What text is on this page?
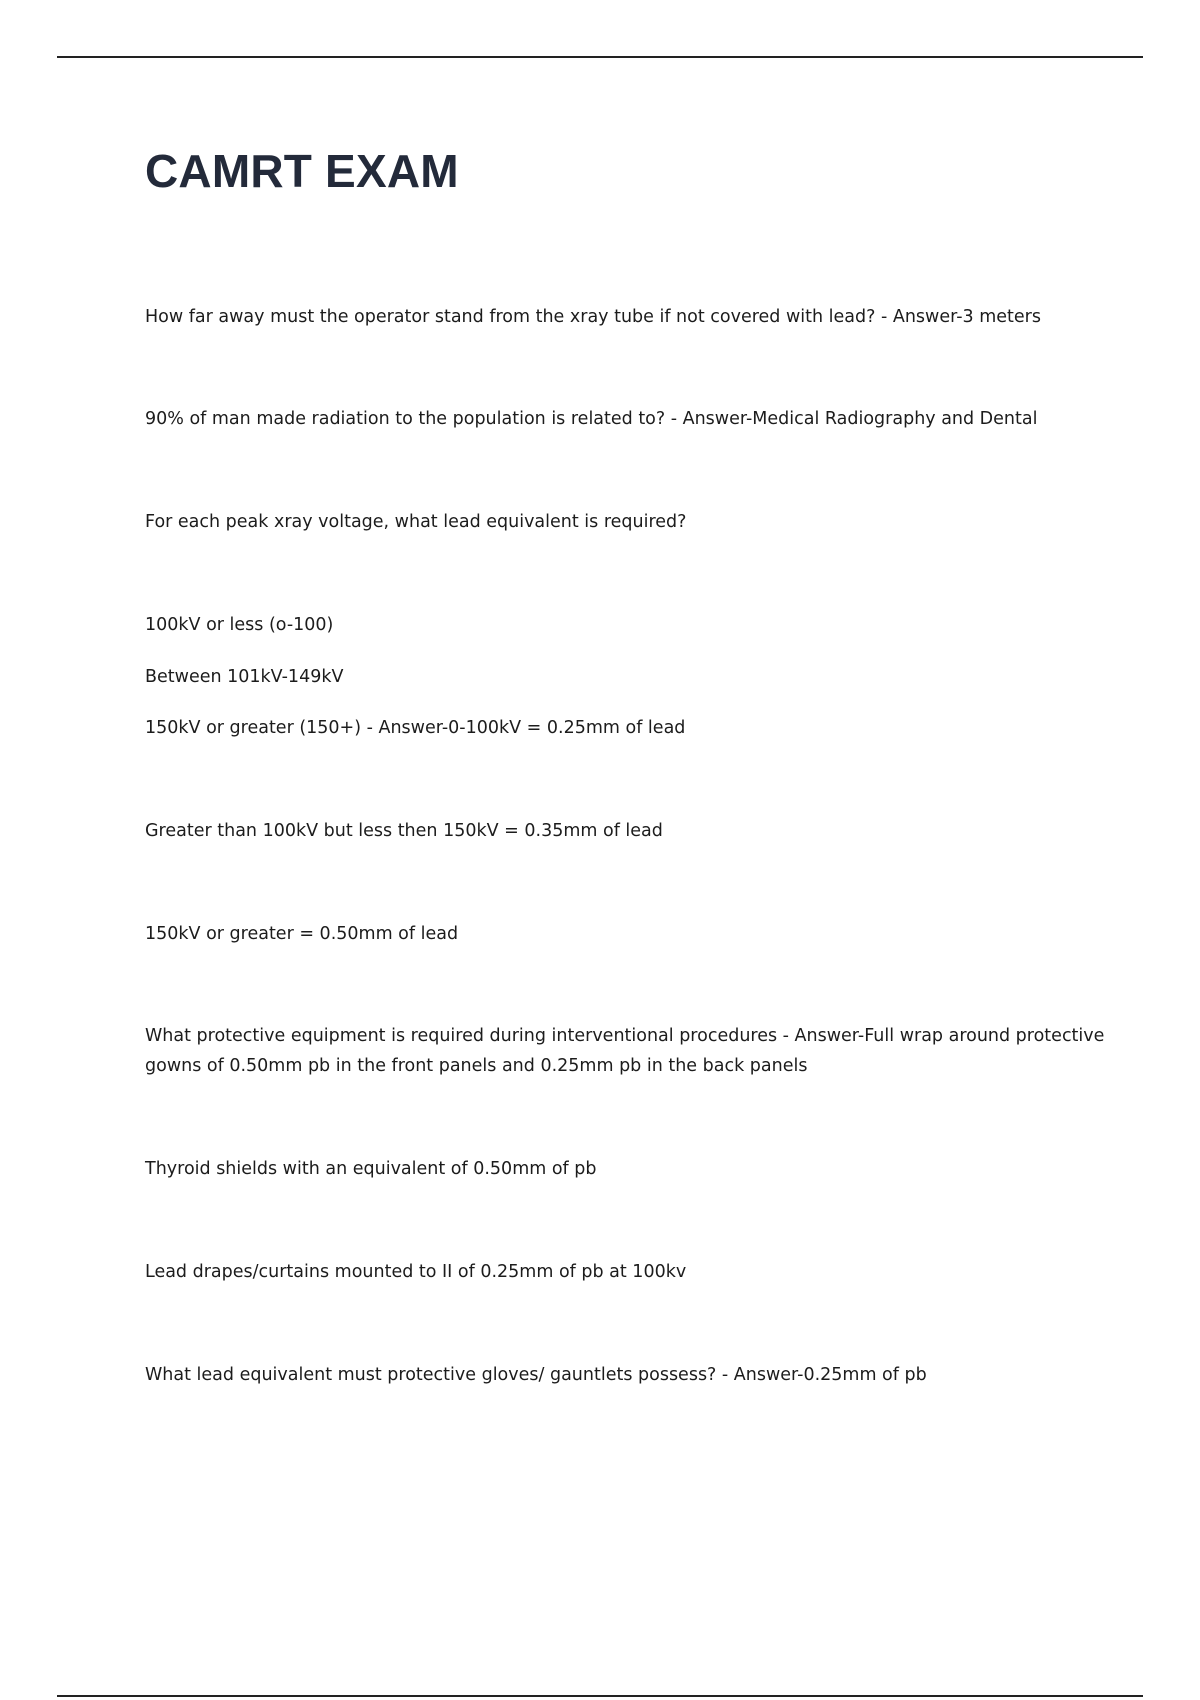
CAMRT EXAM

How far away must the operator stand from the xray tube if not covered with lead? - Answer-3 meters

90% of man made radiation to the population is related to? - Answer-Medical Radiography and Dental

For each peak xray voltage, what lead equivalent is required?

100kV or less (o-100)

Between 101kV-149kV

150kV or greater (150+) - Answer-0-100kV = 0.25mm of lead

Greater than 100kV but less then 150kV = 0.35mm of lead

150kV or greater = 0.50mm of lead

What protective equipment is required during interventional procedures - Answer-Full wrap around protective gowns of 0.50mm pb in the front panels and 0.25mm pb in the back panels

Thyroid shields with an equivalent of 0.50mm of pb

Lead drapes/curtains mounted to II of 0.25mm of pb at 100kv

What lead equivalent must protective gloves/ gauntlets possess? - Answer-0.25mm of pb
